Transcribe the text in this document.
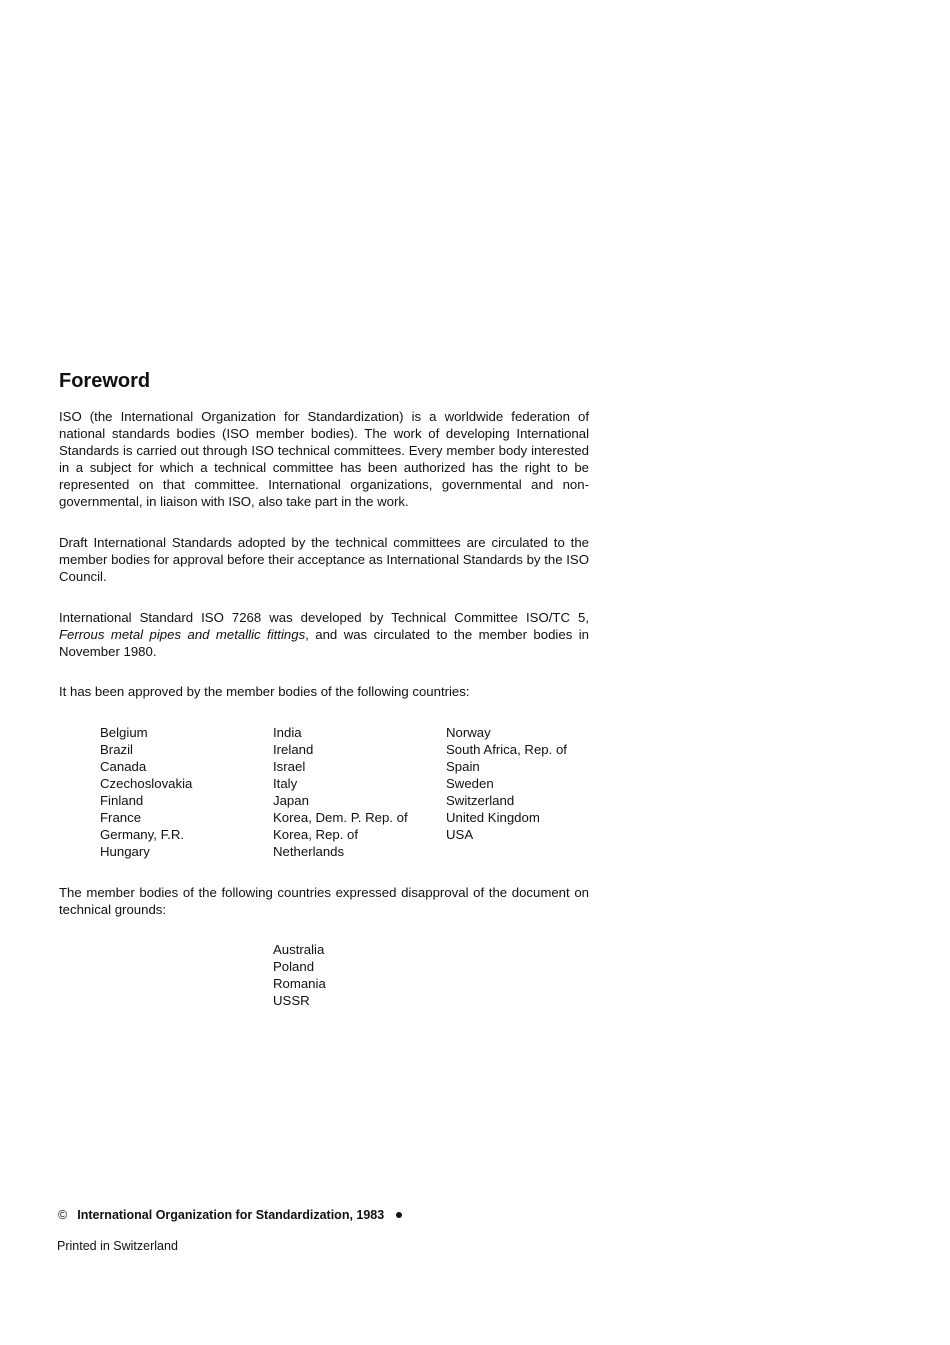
Foreword

ISO (the International Organization for Standardization) is a worldwide federation of national standards bodies (ISO member bodies). The work of developing International Standards is carried out through ISO technical committees. Every member body interested in a subject for which a technical committee has been authorized has the right to be represented on that committee. International organizations, governmental and non-governmental, in liaison with ISO, also take part in the work.

Draft International Standards adopted by the technical committees are circulated to the member bodies for approval before their acceptance as International Standards by the ISO Council.

International Standard ISO 7268 was developed by Technical Committee ISO/TC 5, Ferrous metal pipes and metallic fittings, and was circulated to the member bodies in November 1980.

It has been approved by the member bodies of the following countries:

Belgium
Brazil
Canada
Czechoslovakia
Finland
France
Germany, F.R.
Hungary
India
Ireland
Israel
Italy
Japan
Korea, Dem. P. Rep. of
Korea, Rep. of
Netherlands
Norway
South Africa, Rep. of
Spain
Sweden
Switzerland
United Kingdom
USA

The member bodies of the following countries expressed disapproval of the document on technical grounds:

Australia
Poland
Romania
USSR
© International Organization for Standardization, 1983
Printed in Switzerland
